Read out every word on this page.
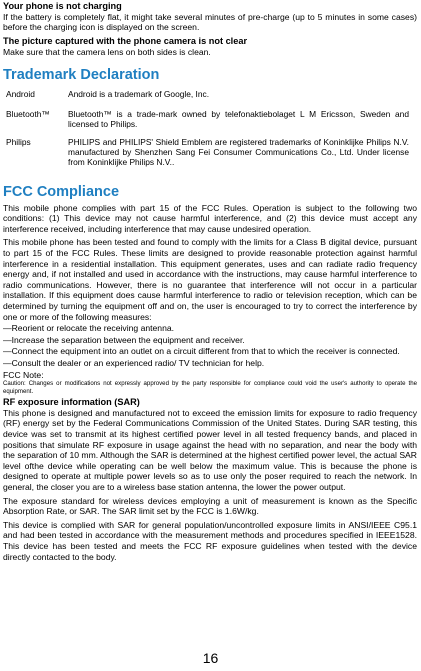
Your phone is not charging

If the battery is completely flat, it might take several minutes of pre-charge (up to 5 minutes in some cases) before the charging icon is displayed on the screen.

The picture captured with the phone camera is not clear

Make sure that the camera lens on both sides is clean.

Trademark Declaration

Android	Android is a trademark of Google, Inc.

Bluetooth™	Bluetooth™ is a trade-mark owned by telefonaktiebolaget L M Ericsson, Sweden and licensed to Philips.

Philips	PHILIPS and PHILIPS' Shield Emblem are registered trademarks of Koninklijke Philips N.V. manufactured by Shenzhen Sang Fei Consumer Communications Co., Ltd. Under license from Koninklijke Philips N.V..

FCC Compliance

This mobile phone complies with part 15 of the FCC Rules. Operation is subject to the following two conditions: (1) This device may not cause harmful interference, and (2) this device must accept any interference received, including interference that may cause undesired operation.

This mobile phone has been tested and found to comply with the limits for a Class B digital device, pursuant to part 15 of the FCC Rules. These limits are designed to provide reasonable protection against harmful interference in a residential installation. This equipment generates, uses and can radiate radio frequency energy and, if not installed and used in accordance with the instructions, may cause harmful interference to radio communications. However, there is no guarantee that interference will not occur in a particular installation. If this equipment does cause harmful interference to radio or television reception, which can be determined by turning the equipment off and on, the user is encouraged to try to correct the interference by one or more of the following measures:

—Reorient or relocate the receiving antenna.

—Increase the separation between the equipment and receiver.

—Connect the equipment into an outlet on a circuit different from that to which the receiver is connected.

—Consult the dealer or an experienced radio/ TV technician for help.

FCC Note:

Caution: Changes or modifications not expressly approved by the party responsible for compliance could void the user's authority to operate the equipment.

RF exposure information (SAR)

This phone is designed and manufactured not to exceed the emission limits for exposure to radio frequency (RF) energy set by the Federal Communications Commission of the United States. During SAR testing, this device was set to transmit at its highest certified power level in all tested frequency bands, and placed in positions that simulate RF exposure in usage against the head with no separation, and near the body with the separation of 10 mm. Although the SAR is determined at the highest certified power level, the actual SAR level ofthe device while operating can be well below the maximum value. This is because the phone is designed to operate at multiple power levels so as to use only the poser required to reach the network. In general, the closer you are to a wireless base station antenna, the lower the power output.

The exposure standard for wireless devices employing a unit of measurement is known as the Specific Absorption Rate, or SAR. The SAR limit set by the FCC is 1.6W/kg.

This device is complied with SAR for general population/uncontrolled exposure limits in ANSI/IEEE C95.1 and had been tested in accordance with the measurement methods and procedures specified in IEEE1528. This device has been tested and meets the FCC RF exposure guidelines when tested with the device directly contacted to the body.

16
